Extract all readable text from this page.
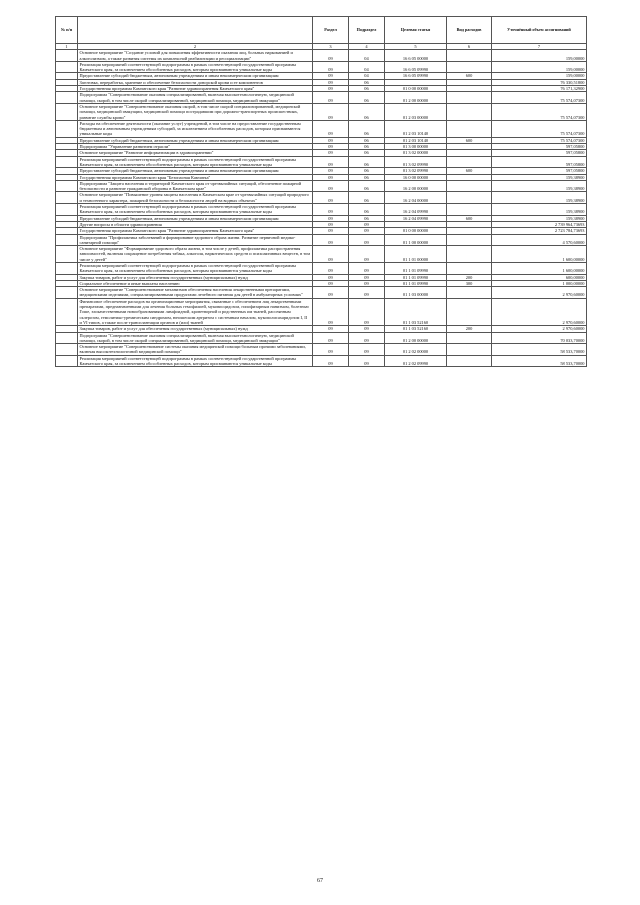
№ п/п		Раздел	Подраздел	Целевая статья	Вид расходов	Уточнённый объем ассигнований
1	2	3	4	5	6	7
	Основное мероприятие "Создание условий для повышения эффективности оказания лиц, больных наркоманией и алкоголизмом, а также развития системы их комплексной реабилитации и ресоциализации"	09	04	16 6 05 00000		159,00000
	Реализация мероприятий соответствующей подпрограммы в рамках соответствующей государственной программы Камчатского края, за исключением обособленных расходов, которым присваиваются уникальные коды	09	04	16 6 05 09990		159,00000
	Предоставление субсидий бюджетным, автономным учреждениям и иным некоммерческим организациям	09	04	16 6 05 09990	600	159,00000
	Заготовка, переработка, хранение и обеспечение безопасности донорской крови и ее компонентов	09	06			76 330,51800
	Государственная программа Камчатского края "Развитие здравоохранения Камчатского края"	09	06	01 0 00 00000		76 171,32900
	Подпрограмма "Совершенствование оказания специализированной, включая высокотехнологичную, медицинской помощи, скорой, в том числе скорой специализированной, медицинской помощи, медицинской эвакуации"	09	06	01 2 00 00000		75 574,07300
	Основное мероприятие "Совершенствование оказания скорой, в том числе скорой специализированной, медицинской помощи, медицинской эвакуации, медицинской помощи пострадавшим при дорожно-транспортных происшествиях, развитие службы крови"	09	06	01 2 03 00000		75 574,07300
	Расходы на обеспечение деятельности (оказание услуг) учреждений, в том числе на предоставление государственным бюджетным и автономным учреждениям субсидий, за исключением обособленных расходов, которым присваиваются уникальные коды	09	06	01 2 03 10140		75 574,07300
	Предоставление субсидий бюджетным, автономным учреждениям и иным некоммерческим организациям	09	06	01 2 03 10140	600	75 574,07300
	Подпрограмма "Управление развитием отрасли"	09	06	01 3 00 00000		597,05800
	Основное мероприятие "Развитие информатизации в здравоохранении"	09	06	01 3 02 00000		597,05800
	Реализация мероприятий соответствующей подпрограммы в рамках соответствующей государственной программы Камчатского края, за исключением обособленных расходов, которым присваиваются уникальные коды	09	06	01 3 02 09990		597,05800
	Предоставление субсидий бюджетным, автономным учреждениям и иным некоммерческим организациям	09	06	01 3 02 09990	600	597,05800
	Государственная программа Камчатского края "Безопасная Камчатка"	09	06	16 0 00 00000		159,38900
	Подпрограмма "Защита населения и территорий Камчатского края от чрезвычайных ситуаций, обеспечение пожарной безопасности и развитие гражданской обороны в Камчатском крае"	09	06	16 2 00 00000		159,38900
	Основное мероприятие "Повышение уровня защиты населения в Камчатском крае от чрезвычайных ситуаций природного и техногенного характера, пожарной безопасности и безопасности людей на водных объектах"	09	06	16 2 04 00000		159,38900
	Реализация мероприятий соответствующей подпрограммы в рамках соответствующей государственной программы Камчатского края, за исключением обособленных расходов, которым присваиваются уникальные коды	09	06	16 2 04 09990		159,38900
	Предоставление субсидий бюджетным, автономным учреждениям и иным некоммерческим организациям	09	06	16 2 04 09990	600	159,38900
	Другие вопросы в области здравоохранения	09	09			2 739 964,73693
	Государственная программа Камчатского края "Развитие здравоохранения Камчатского края"	09	09	01 0 00 00000		2 723 784,73693
	Подпрограмма "Профилактика заболеваний и формирование здорового образа жизни. Развитие первичной медико-санитарной помощи"	09	09	01 1 00 00000		4 570,60000
	Основное мероприятие "Формирование здорового образа жизни, в том числе у детей, профилактика распространения зависимостей, включая сокращение потребления табака, алкоголя, наркотических средств и психоактивных веществ, в том числе у детей"	09	09	01 1 01 00000		1 600,00000
	Реализация мероприятий соответствующей подпрограммы в рамках соответствующей государственной программы Камчатского края, за исключением обособленных расходов, которым присваиваются уникальные коды	09	09	01 1 01 09990		1 600,00000
	Закупка товаров, работ и услуг для обеспечения государственных (муниципальных) нужд	09	09	01 1 01 09990	200	600,00000
	Социальное обеспечение и иные выплаты населению	09	09	01 1 01 09990	300	1 000,00000
	Основное мероприятие "Совершенствование механизмов обеспечения населения лекарственными препаратами, медицинскими изделиями, специализированными продуктами лечебного питания для детей в амбулаторных условиях"	09	09	01 1 03 00000		2 970,60000
	Финансовое обеспечение расходов на организационные мероприятия, связанные с обеспечением лиц лекарственными препаратами, предназначенными для лечения больных гемофилией, муковисцидозом, гипофизарным нанизмом, болезнью Гоше, злокачественными новообразованиями лимфоидной, кроветворной и родственных им тканей, рассеянным склерозом, гемолитико-уремическим синдромом, юношеским артритом с системным началом, мукополисахаридозом I, II и VI типов, а также после трансплантации органов и (или) тканей	09	09	01 1 03 52160		2 970,60000
	Закупка товаров, работ и услуг для обеспечения государственных (муниципальных) нужд	09	09	01 1 03 52160	200	2 970,60000
	Подпрограмма "Совершенствование оказания специализированной, включая высокотехнологичную, медицинской помощи, скорой, в том числе скорой специализированной, медицинской помощи, медицинской эвакуации"	09	09	01 2 00 00000		70 033,70000
	Основное мероприятие "Совершенствование системы оказания медицинской помощи больным прочими заболеваниями, включая высокотехнологичной медицинской помощи"	09	09	01 2 02 00000		58 533,70000
	Реализация мероприятий соответствующей подпрограммы в рамках соответствующей государственной программы Камчатского края, за исключением обособленных расходов, которым присваиваются уникальные коды	09	09	01 2 02 09990		58 533,70000
67
